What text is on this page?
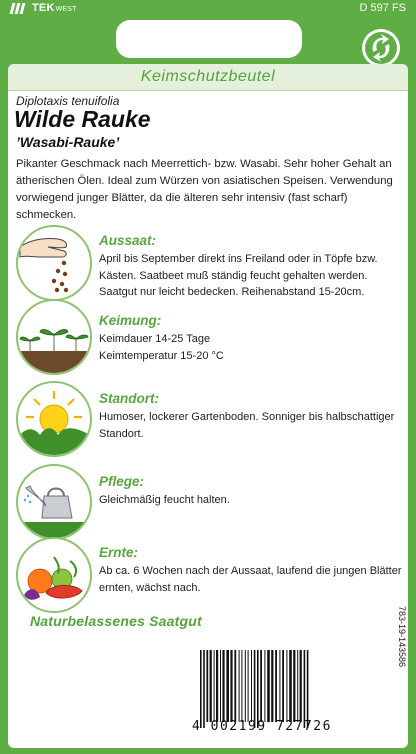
TEKWEST	D 597 FS
Keimschutzbeutel
Diplotaxis tenuifolia
Wilde Rauke
’Wasabi-Rauke’
Pikanter Geschmack nach Meerrettich- bzw. Wasabi. Sehr hoher Gehalt an ätherischen Ölen. Ideal zum Würzen von asiatischen Speisen. Verwendung vorwiegend junger Blätter, da die älteren sehr intensiv (fast scharf) schmecken.
Aussaat:
April bis September direkt ins Freiland oder in Töpfe bzw. Kästen. Saatbeet muß ständig feucht gehalten werden. Saatgut nur leicht bedecken. Reihenabstand 15-20cm.
Keimung:
Keimdauer 14-25 Tage
Keimtemperatur 15-20 °C
Standort:
Humoser, lockerer Gartenboden. Sonniger bis halbschattiger Standort.
Pflege:
Gleichmäßig feucht halten.
Ernte:
Ab ca. 6 Wochen nach der Aussaat, laufend die jungen Blätter ernten, wächst nach.
Naturbelassenes Saatgut	783-19-143586
4 002199 727726
